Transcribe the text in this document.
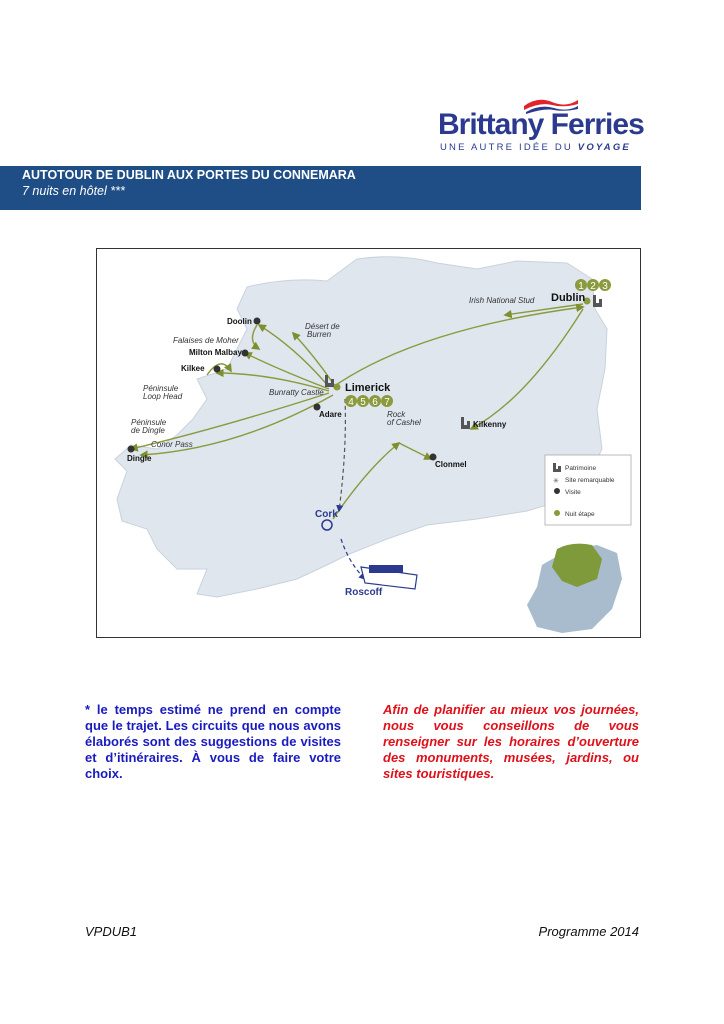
Brittany Ferries
UNE AUTRE IDÉE DU VOYAGE
AUTOTOUR DE DUBLIN AUX PORTES DU CONNEMARA
7 nuits en hôtel ***
1 2 3
4 5 6 7
Dublin
Irish National Stud
Doolin
Falaises de Moher
Désert de
Burren
Milton Malbay
Kilkee
Péninsule
Loop Head	Bunratty Castle Limerick
Adare
Péninsule
de Dingle
Conor Pass
Dingle
Rock
of Cashel	Kilkenny
Clonmel
Cork
Roscoff
Patrimoine
✳ Site remarquable
Visite
Nuit étape
* le temps estimé ne prend en compte que le trajet. Les circuits que nous avons élaborés sont des suggestions de visites et d’itinéraires. À vous de faire votre choix.
Afin de planifier au mieux vos journées, nous vous conseillons de vous renseigner sur les horaires d’ouverture des monuments, musées, jardins, ou sites touristiques.
VPDUB1	Programme 2014
